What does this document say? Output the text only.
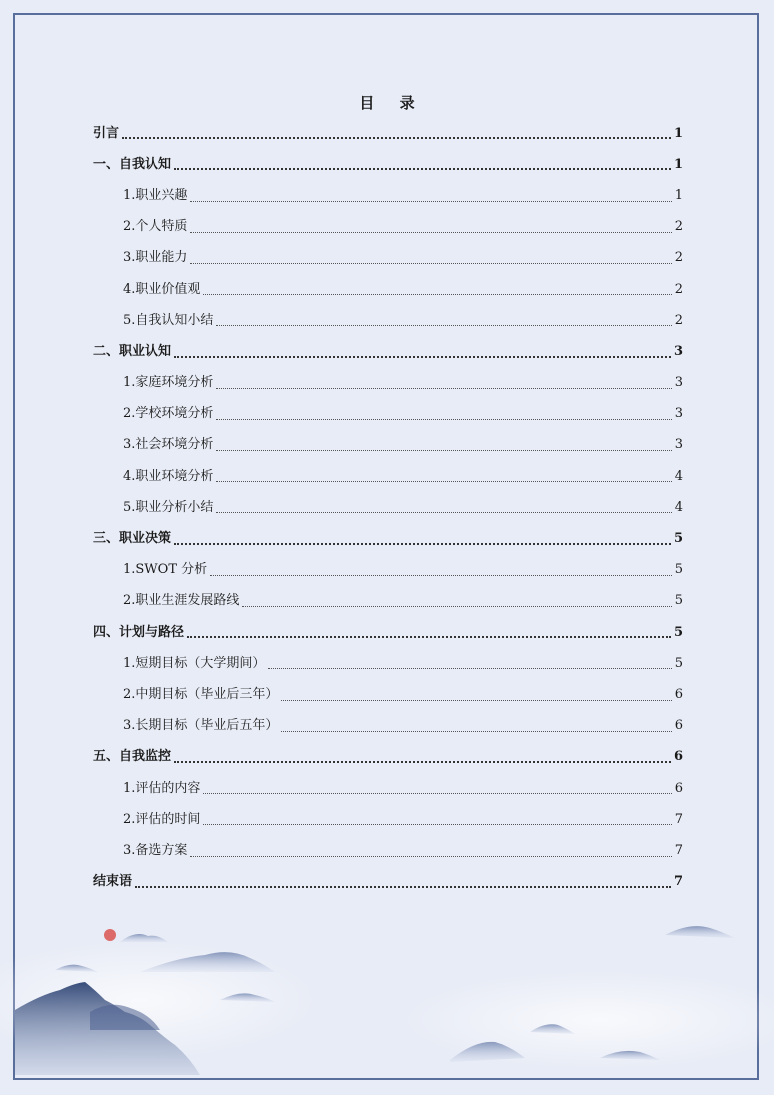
目 录
引言	1
一、自我认知	1
1.职业兴趣	1
2.个人特质	2
3.职业能力	2
4.职业价值观	2
5.自我认知小结	2
二、职业认知	3
1.家庭环境分析	3
2.学校环境分析	3
3.社会环境分析	3
4.职业环境分析	4
5.职业分析小结	4
三、职业决策	5
1.SWOT 分析	5
2.职业生涯发展路线	5
四、计划与路径	5
1.短期目标（大学期间）	5
2.中期目标（毕业后三年）	6
3.长期目标（毕业后五年）	6
五、自我监控	6
1.评估的内容	6
2.评估的时间	7
3.备选方案	7
结束语	7
